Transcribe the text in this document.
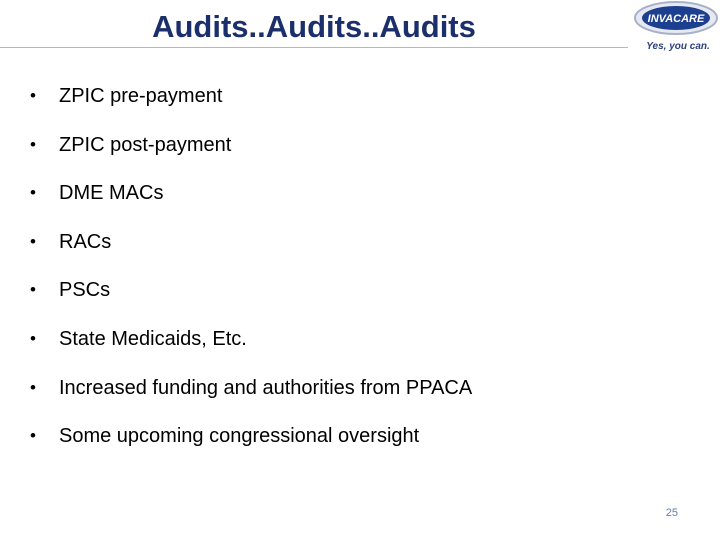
Audits..Audits..Audits	INVACARE
Yes, you can.
•	ZPIC pre-payment
•	ZPIC post-payment
•	DME MACs
•	RACs
•	PSCs
•	State Medicaids, Etc.
•	Increased funding and authorities from PPACA
•	Some upcoming congressional oversight
25
